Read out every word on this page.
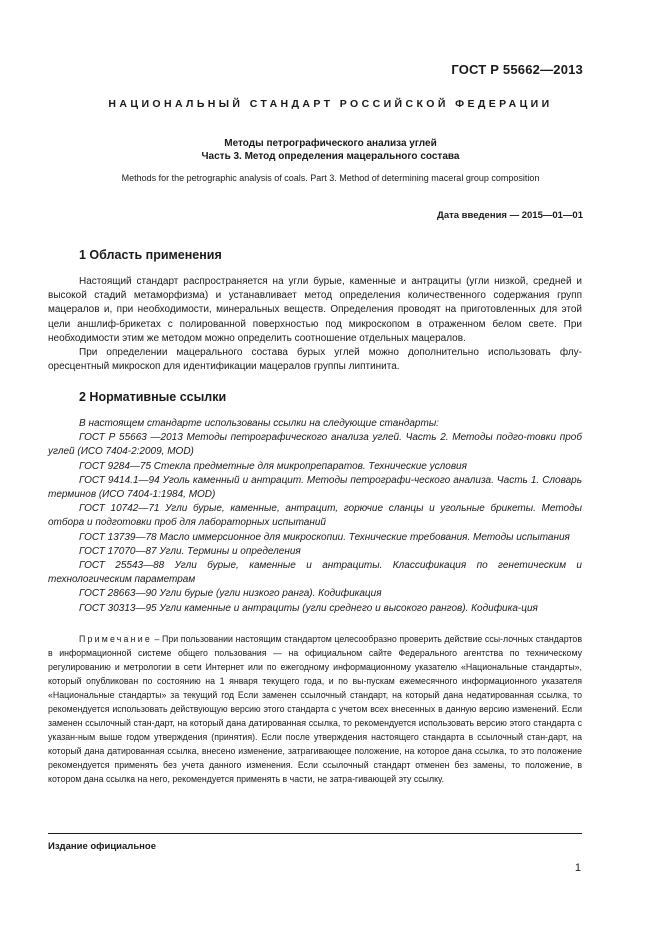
ГОСТ Р 55662—2013
НАЦИОНАЛЬНЫЙ СТАНДАРТ РОССИЙСКОЙ ФЕДЕРАЦИИ
Методы петрографического анализа углей
Часть 3. Метод определения мацерального состава
Methods for the petrographic analysis of coals. Part 3. Method of determining maceral group composition
Дата введения — 2015—01—01
1 Область применения

Настоящий стандарт распространяется на угли бурые, каменные и антрациты (угли низкой, средней и высокой стадий метаморфизма) и устанавливает метод определения количественного содержания групп мацералов и, при необходимости, минеральных веществ. Определения проводят на приготовленных для этой цели аншлиф-брикетах с полированной поверхностью под микроскопом в отраженном белом свете. При необходимости этим же методом можно определить соотношение отдельных мацералов.

При определении мацерального состава бурых углей можно дополнительно использовать флу-оресцентный микроскоп для идентификации мацералов группы липтинита.

2 Нормативные ссылки

В настоящем стандарте использованы ссылки на следующие стандарты:

ГОСТ Р 55663 —2013 Методы петрографического анализа углей. Часть 2. Методы подго-товки проб углей (ИСО 7404-2:2009, MOD)

ГОСТ 9284—75 Стекла предметные для микропрепаратов. Технические условия

ГОСТ 9414.1—94 Уголь каменный и антрацит. Методы петрографи-ческого анализа. Часть 1. Словарь терминов (ИСО 7404-1:1984, MOD)

ГОСТ 10742—71 Угли бурые, каменные, антрацит, горючие сланцы и угольные брикеты. Методы отбора и подготовки проб для лабораторных испытаний

ГОСТ 13739—78 Масло иммерсионное для микроскопии. Технические требования. Методы испытания

ГОСТ 17070—87 Угли. Термины и определения

ГОСТ 25543—88 Угли бурые, каменные и антрациты. Классификация по генетическим и технологическим параметрам

ГОСТ 28663—90 Угли бурые (угли низкого ранга). Кодификация

ГОСТ 30313—95 Угли каменные и антрациты (угли среднего и высокого рангов). Кодифика-ция

Примечание – При пользовании настоящим стандартом целесообразно проверить действие ссы-лочных стандартов в информационной системе общего пользования — на официальном сайте Федерального агентства по техническому регулированию и метрологии в сети Интернет или по ежегодному информационному указателю «Национальные стандарты», который опубликован по состоянию на 1 января текущего года, и по вы-пускам ежемесячного информационного указателя «Национальные стандарты» за текущий год Если заменен ссылочный стандарт, на который дана недатированная ссылка, то рекомендуется использовать действующую версию этого стандарта с учетом всех внесенных в данную версию изменений. Если заменен ссылочный стан-дарт, на который дана датированная ссылка, то рекомендуется использовать версию этого стандарта с указан-ным выше годом утверждения (принятия). Если после утверждения настоящего стандарта в ссылочный стан-дарт, на который дана датированная ссылка, внесено изменение, затрагивающее положение, на которое дана ссылка, то это положение рекомендуется применять без учета данного изменения. Если ссылочный стандарт отменен без замены, то положение, в котором дана ссылка на него, рекомендуется применять в части, не затра-гивающей эту ссылку.
Издание официальное
1
